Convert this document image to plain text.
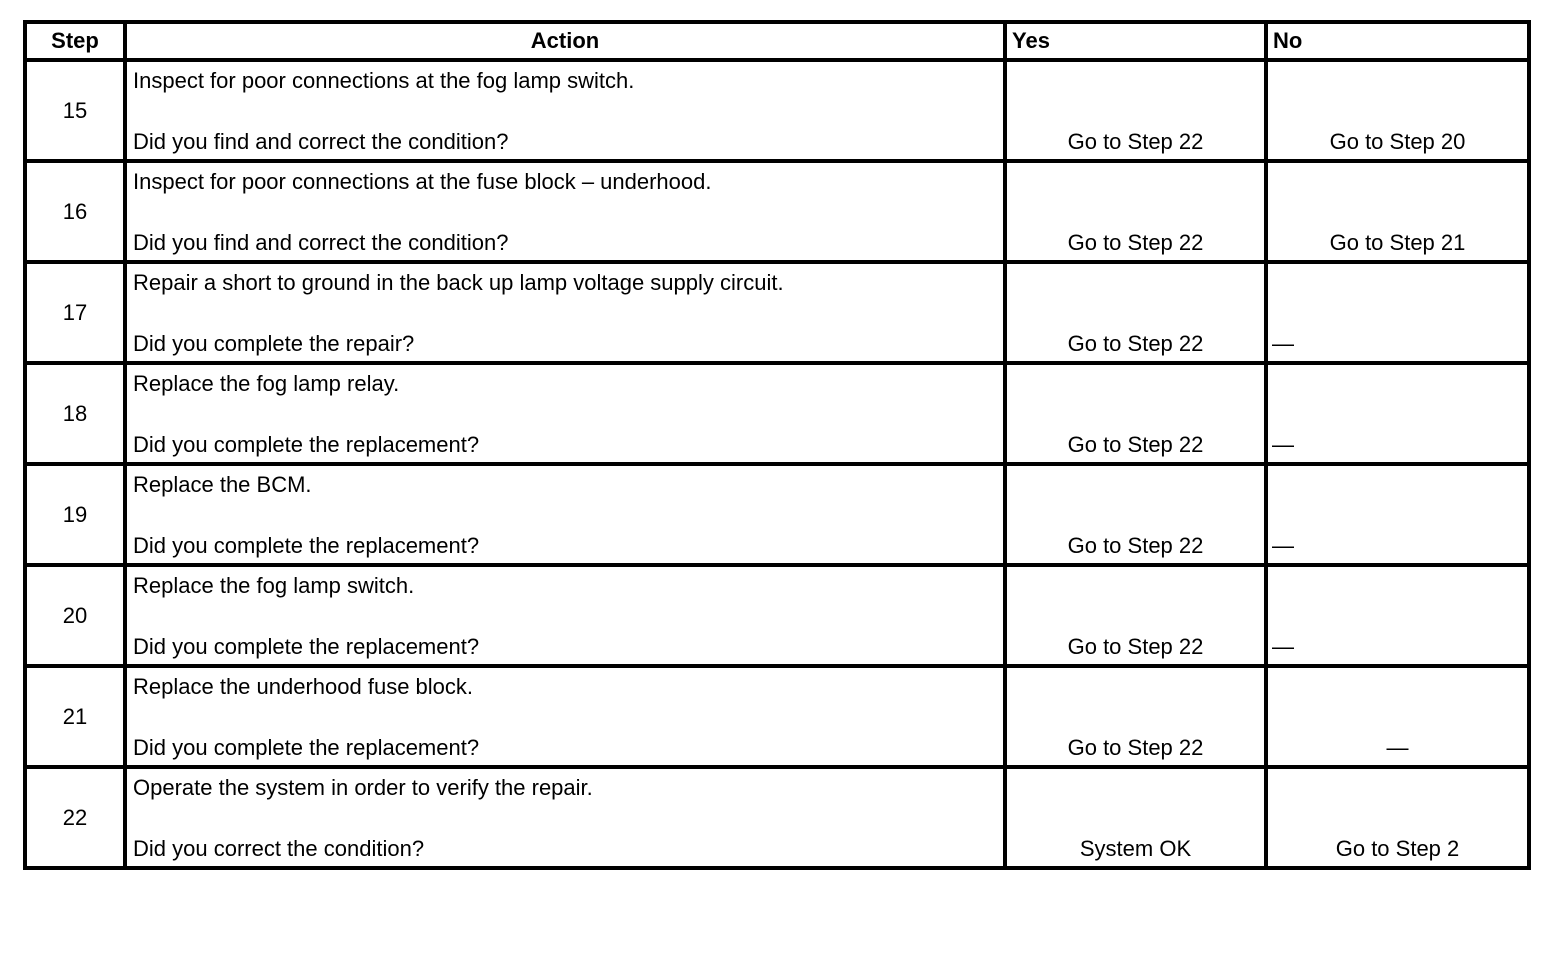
Step	Action	Yes	No
15	Inspect for poor connections at the fog lamp switch.
Did you find and correct the condition?	Go to Step 22	Go to Step 20

16	Inspect for poor connections at the fuse block – underhood.
Did you find and correct the condition?	Go to Step 22	Go to Step 21

17	Repair a short to ground in the back up lamp voltage supply circuit.
Did you complete the repair?	Go to Step 22	—

18	Replace the fog lamp relay.
Did you complete the replacement?	Go to Step 22	—

19	Replace the BCM.
Did you complete the replacement?	Go to Step 22	—

20	Replace the fog lamp switch.
Did you complete the replacement?	Go to Step 22	—

21	Replace the underhood fuse block.
Did you complete the replacement?	Go to Step 22	—

22	Operate the system in order to verify the repair.
Did you correct the condition?	System OK	Go to Step 2
